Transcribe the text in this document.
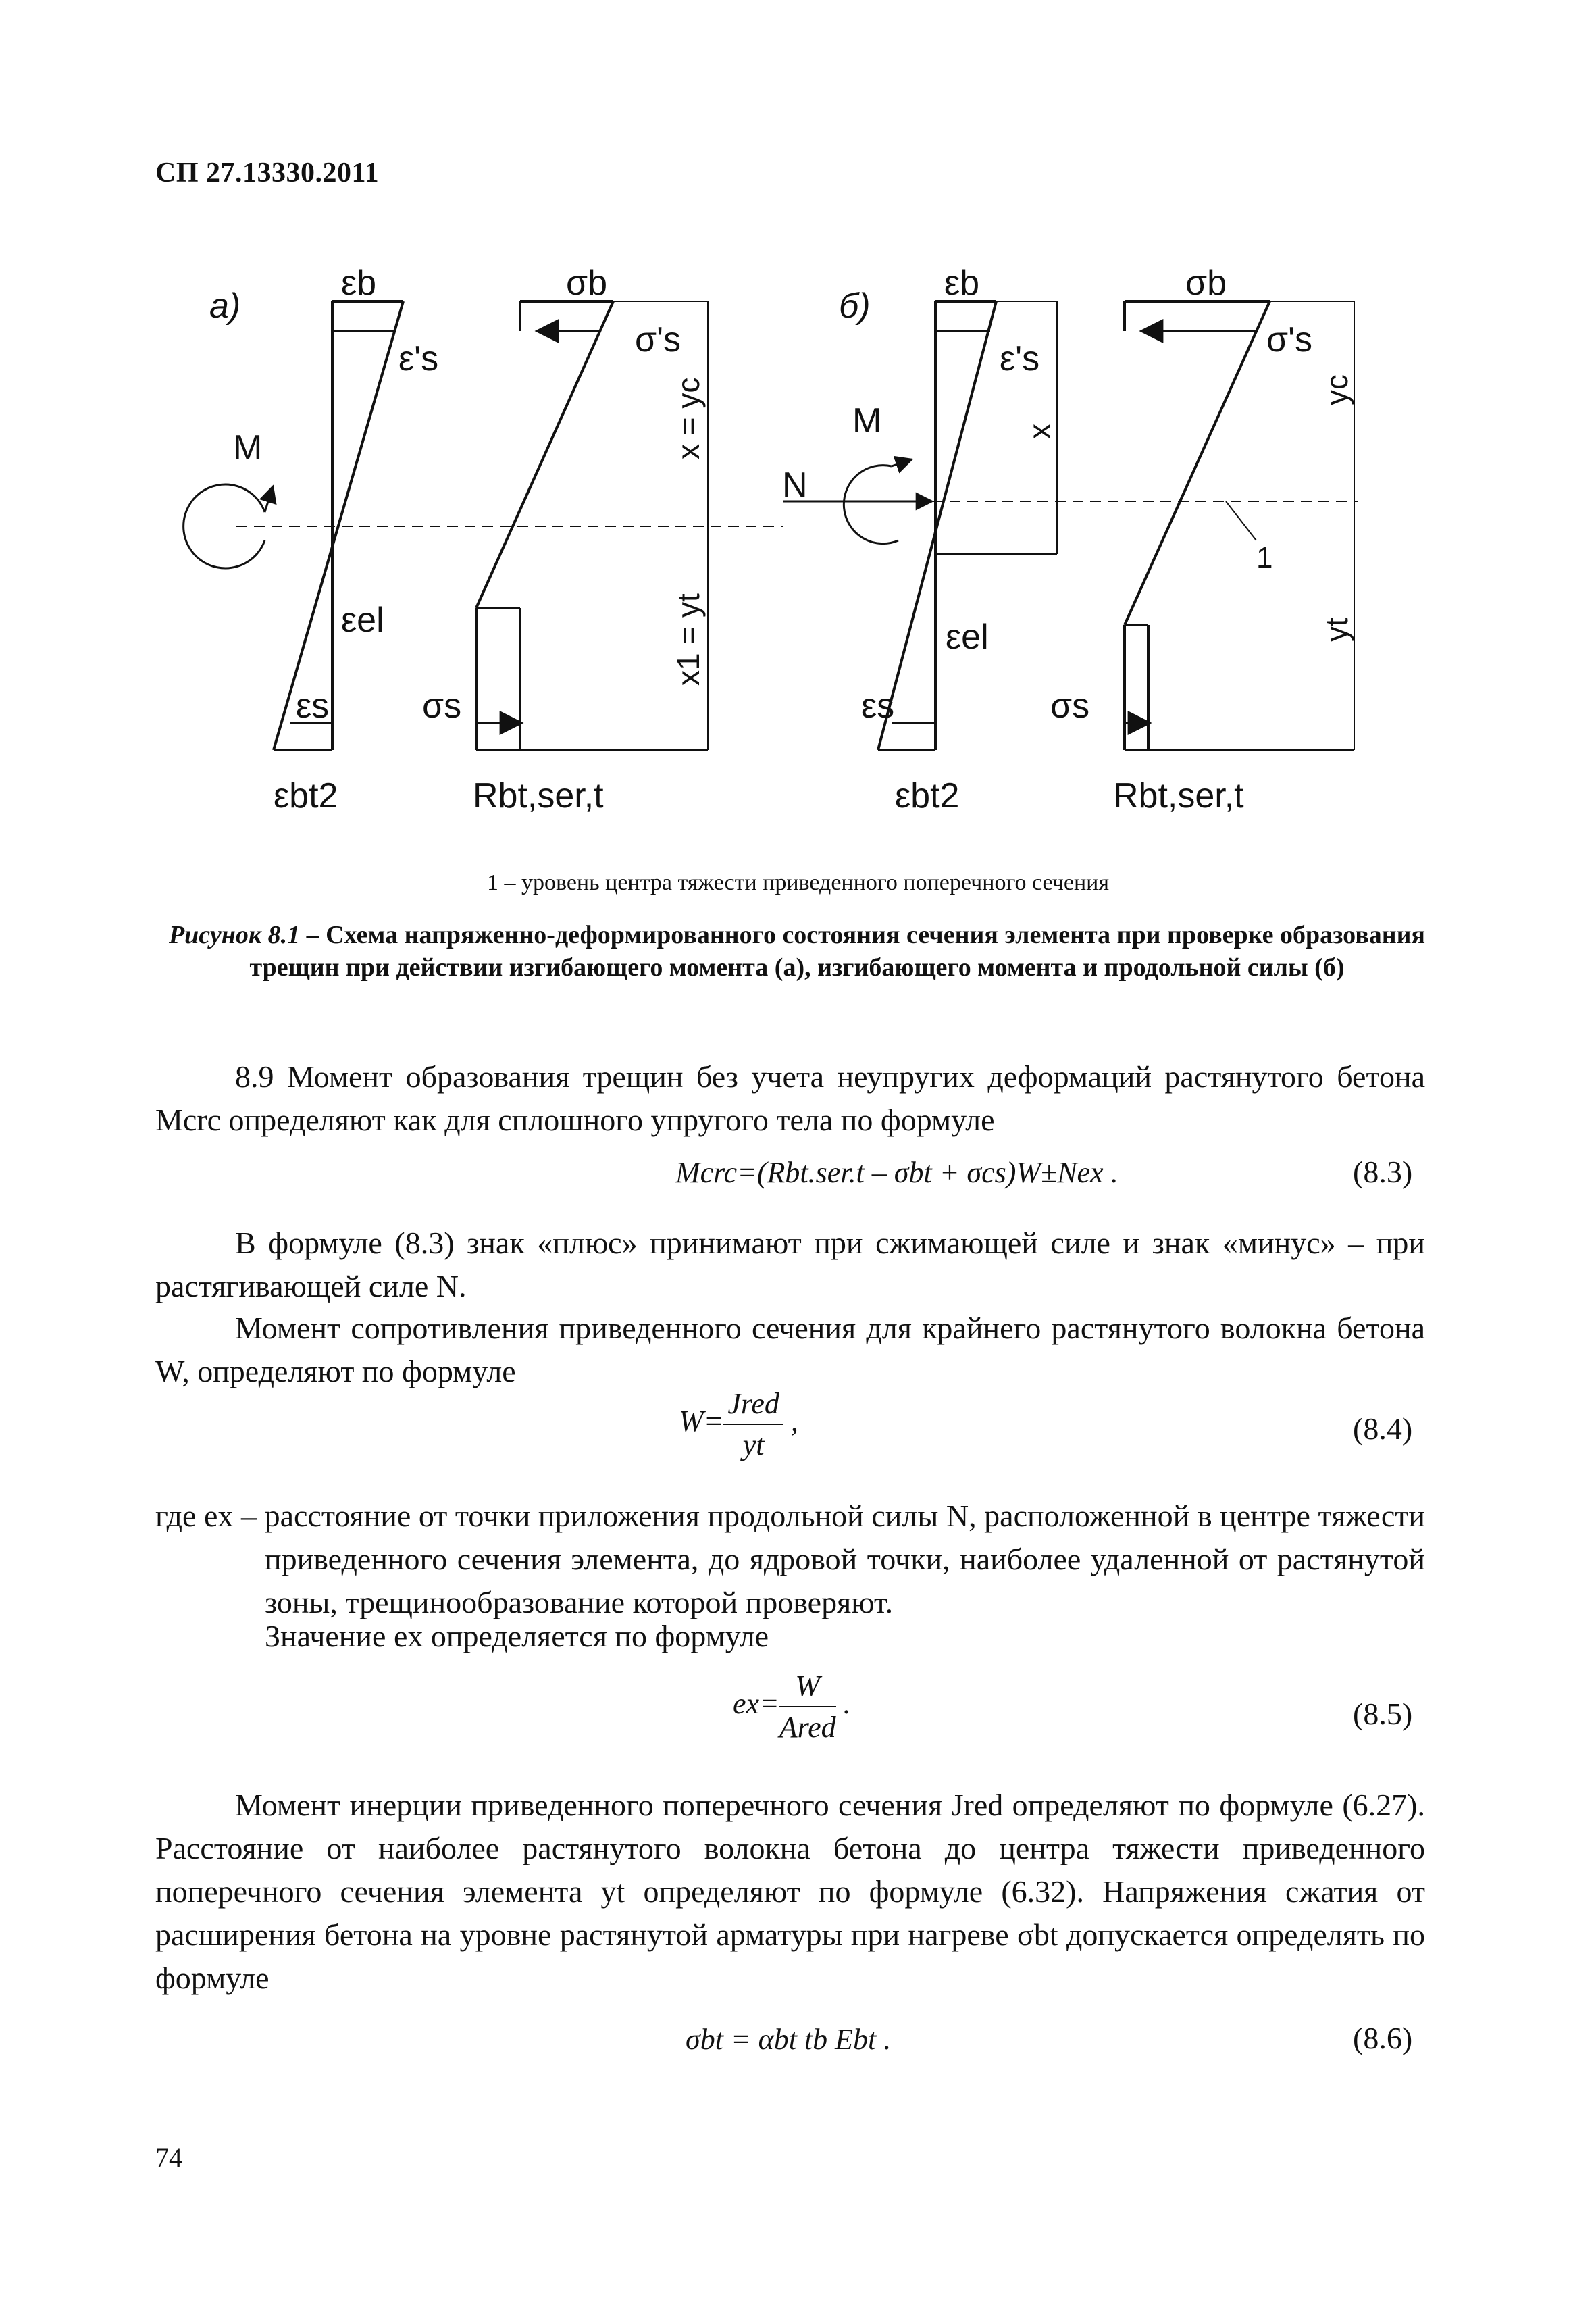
СП 27.13330.2011
а)
εb
ε's
σb
σ's
M
εel
εs	σs
εbt2	Rbt,ser,t
x = yc
x1 = yt
б)
εb
ε's
σb
σ's
M
N
εel
εs	σs
εbt2	Rbt,ser,t
x
yc
yt
1
1 – уровень центра тяжести приведенного поперечного сечения
Рисунок 8.1 – Схема напряженно-деформированного состояния сечения элемента при проверке образования трещин при действии изгибающего момента (а), изгибающего момента и продольной силы (б)
8.9 Момент образования трещин без учета неупругих деформаций растянутого бетона Mcrc определяют как для сплошного упругого тела по формуле
Mcrc=(Rbt.ser.t – σbt + σcs)W±Nex .	(8.3)
В формуле (8.3) знак «плюс» принимают при сжимающей силе и знак «минус» – при растягивающей силе N.
Момент сопротивления приведенного сечения для крайнего растянутого волокна бетона W, определяют по формуле
$W= \frac{\text{Jred}}{yt}$ ,	(8.4)
где ex – расстояние от точки приложения продольной силы N, расположенной в центре тяжести приведенного сечения элемента, до ядровой точки, наиболее удаленной от растянутой зоны, трещинообразование которой проверяют.
Значение ex определяется по формуле
$ex= \frac{W}{\text{Ared}}$ .	(8.5)
Момент инерции приведенного поперечного сечения Jred определяют по формуле (6.27). Расстояние от наиболее растянутого волокна бетона до центра тяжести приведенного поперечного сечения элемента yt определяют по формуле (6.32). Напряжения сжатия от расширения бетона на уровне растянутой арматуры при нагреве σbt допускается определять по формуле
σbt = αbt tb Ebt .	(8.6)
74
